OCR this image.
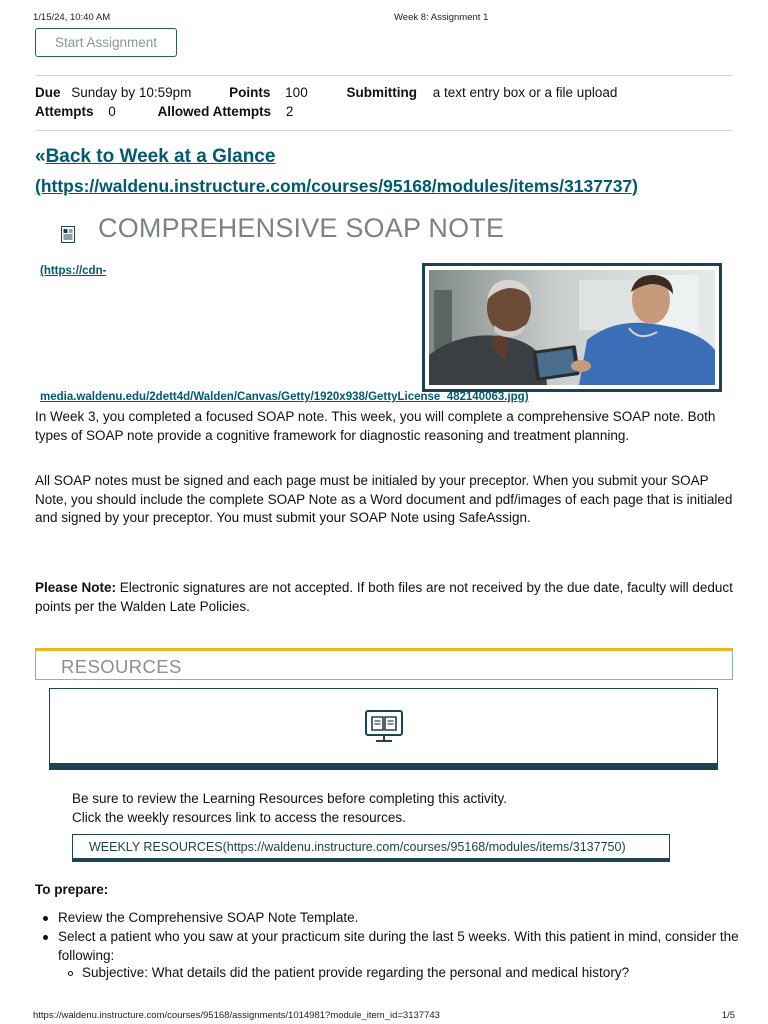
1/15/24, 10:40 AM	Week 8: Assignment 1
Start Assignment
Due Sunday by 10:59pm	Points 100	Submitting a text entry box or a file upload
Attempts 0	Allowed Attempts 2
«Back to Week at a Glance
(https://waldenu.instructure.com/courses/95168/modules/items/3137737)
COMPREHENSIVE SOAP NOTE
(https://cdn-
media.waldenu.edu/2dett4d/Walden/Canvas/Getty/1920x938/GettyLicense_482140063.jpg)
In Week 3, you completed a focused SOAP note. This week, you will complete a comprehensive SOAP note. Both types of SOAP note provide a cognitive framework for diagnostic reasoning and treatment planning.
All SOAP notes must be signed and each page must be initialed by your preceptor. When you submit your SOAP Note, you should include the complete SOAP Note as a Word document and pdf/images of each page that is initialed and signed by your preceptor. You must submit your SOAP Note using SafeAssign.
Please Note: Electronic signatures are not accepted. If both files are not received by the due date, faculty will deduct points per the Walden Late Policies.
RESOURCES
Be sure to review the Learning Resources before completing this activity.
Click the weekly resources link to access the resources.
WEEKLY RESOURCES (https://waldenu.instructure.com/courses/95168/modules/items/3137750)
To prepare:
Review the Comprehensive SOAP Note Template.
Select a patient who you saw at your practicum site during the last 5 weeks. With this patient in mind, consider the following:
Subjective: What details did the patient provide regarding the personal and medical history?
https://waldenu.instructure.com/courses/95168/assignments/1014981?module_item_id=3137743	1/5
